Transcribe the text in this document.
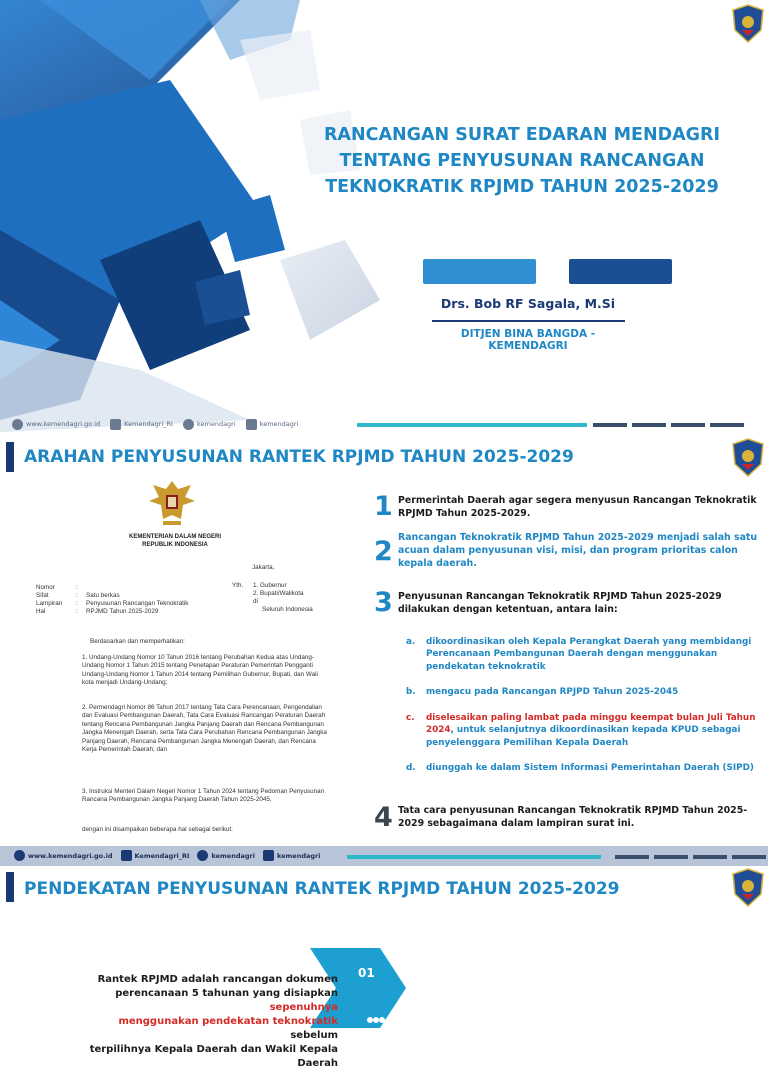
RANCANGAN SURAT EDARAN MENDAGRI
TENTANG PENYUSUNAN RANCANGAN
TEKNOKRATIK RPJMD TAHUN 2025-2029
Drs. Bob RF Sagala, M.Si
DITJEN BINA BANGDA - KEMENDAGRI
www.kemendagri.go.id	Kemendagri_RI	kemendagri	kemendagri
ARAHAN PENYUSUNAN RANTEK RPJMD TAHUN 2025-2029
KEMENTERIAN DALAM NEGERI
REPUBLIK INDONESIA
Jakarta,
Yth. 1. Gubernur
2. Bupati/Walikota
di
Seluruh Indonesia
Nomor	:
Sifat	: Satu berkas
Lampiran : Penyusunan Rancangan Teknokratik
Hal	: RPJMD Tahun 2025-2029
Berdasarkan dan memperhatikan:
1. Undang-Undang Nomor 10 Tahun 2016 tentang Perubahan Kedua atas Undang-Undang Nomor 1 Tahun 2015 tentang Penetapan Peraturan Pemerintah Pengganti Undang-Undang Nomor 1 Tahun 2014 tentang Pemilihan Gubernur, Bupati, dan Wali kota menjadi Undang-Undang;
2. Permendagri Nomor 86 Tahun 2017 tentang Tata Cara Perencanaan, Pengendalian dan Evaluasi Pembangunan Daerah, Tata Cara Evaluasi Rancangan Peraturan Daerah tentang Rencana Pembangunan Jangka Panjang Daerah dan Rencana Pembangunan Jangka Menengah Daerah, serta Tata Cara Perubahan Rencana Pembangunan Jangka Panjang Daerah, Rencana Pembangunan Jangka Menengah Daerah, dan Rencana Kerja Pemerintah Daerah; dan
3. Instruksi Menteri Dalam Negeri Nomor 1 Tahun 2024 tentang Pedoman Penyusunan Rancana Pembangunan Jangka Panjang Daerah Tahun 2025-2045,
dengan ini disampaikan beberapa hal sebagai berikut:
1 Permerintah Daerah agar segera menyusun Rancangan Teknokratik RPJMD Tahun 2025-2029.
2 Rancangan Teknokratik RPJMD Tahun 2025-2029 menjadi salah satu acuan dalam penyusunan visi, misi, dan program prioritas calon kepala daerah.
3 Penyusunan Rancangan Teknokratik RPJMD Tahun 2025-2029 dilakukan dengan ketentuan, antara lain:
a. dikoordinasikan oleh Kepala Perangkat Daerah yang membidangi Perencanaan Pembangunan Daerah dengan menggunakan pendekatan teknokratik
b. mengacu pada Rancangan RPJPD Tahun 2025-2045
c. diselesaikan paling lambat pada minggu keempat bulan Juli Tahun 2024, untuk selanjutnya dikoordinasikan kepada KPUD sebagai penyelenggara Pemilihan Kepala Daerah
d. diunggah ke dalam Sistem Informasi Pemerintahan Daerah (SIPD)
4 Tata cara penyusunan Rancangan Teknokratik RPJMD Tahun 2025-2029 sebagaimana dalam lampiran surat ini.
www.kemendagri.go.id	Kemendagri_RI	kemendagri	kemendagri
PENDEKATAN PENYUSUNAN RANTEK RPJMD TAHUN 2025-2029
01
Rantek RPJMD adalah rancangan dokumen
perencanaan 5 tahunan yang disiapkan sepenuhnya
menggunakan pendekatan teknokratik sebelum
terpilihnya Kepala Daerah dan Wakil Kepala Daerah
